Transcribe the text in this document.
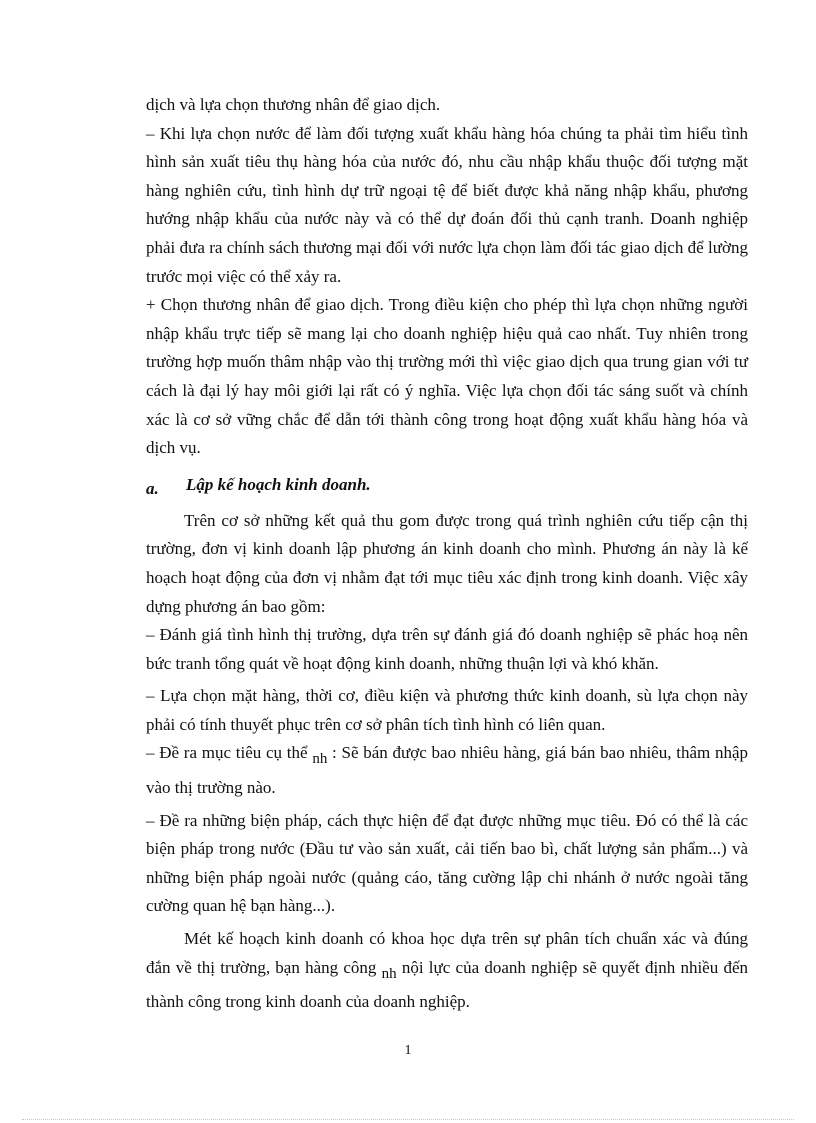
dịch và lựa chọn thương nhân để giao dịch.

– Khi lựa chọn nước để làm đối tượng xuất khẩu hàng hóa chúng ta phải tìm hiểu tình hình sản xuất tiêu thụ hàng hóa của nước đó, nhu cầu nhập khẩu thuộc đối tượng mặt hàng nghiên cứu, tình hình dự trữ ngoại tệ để biết được khả năng nhập khẩu, phương hướng nhập khẩu của nước này và có thể dự đoán đối thủ cạnh tranh. Doanh nghiệp phải đưa ra chính sách thương mại đối với nước lựa chọn làm đối tác giao dịch để lường trước mọi việc có thể xảy ra.

+ Chọn thương nhân để giao dịch. Trong điều kiện cho phép thì lựa chọn những người nhập khẩu trực tiếp sẽ mang lại cho doanh nghiệp hiệu quả cao nhất. Tuy nhiên trong trường hợp muốn thâm nhập vào thị trường mới thì việc giao dịch qua trung gian với tư cách là đại lý hay môi giới lại rất có ý nghĩa. Việc lựa chọn đối tác sáng suốt và chính xác là cơ sở vững chắc để dẫn tới thành công trong hoạt động xuất khẩu hàng hóa và dịch vụ.

a. Lập kế hoạch kinh doanh.

Trên cơ sở những kết quả thu gom được trong quá trình nghiên cứu tiếp cận thị trường, đơn vị kinh doanh lập phương án kinh doanh cho mình. Phương án này là kế hoạch hoạt động của đơn vị nhằm đạt tới mục tiêu xác định trong kinh doanh. Việc xây dựng phương án bao gồm:

– Đánh giá tình hình thị trường, dựa trên sự đánh giá đó doanh nghiệp sẽ phác hoạ nên bức tranh tổng quát về hoạt động kinh doanh, những thuận lợi và khó khăn.

– Lựa chọn mặt hàng, thời cơ, điều kiện và phương thức kinh doanh, sù lựa chọn này phải có tính thuyết phục trên cơ sở phân tích tình hình có liên quan.

– Đề ra mục tiêu cụ thể nh : Sẽ bán được bao nhiêu hàng, giá bán bao nhiêu, thâm nhập vào thị trường nào.

– Đề ra những biện pháp, cách thực hiện để đạt được những mục tiêu. Đó có thể là các biện pháp trong nước (Đầu tư vào sản xuất, cải tiến bao bì, chất lượng sản phẩm...) và những biện pháp ngoài nước (quảng cáo, tăng cường lập chi nhánh ở nước ngoài tăng cường quan hệ bạn hàng...).

Mét kế hoạch kinh doanh có khoa học dựa trên sự phân tích chuẩn xác và đúng đắn về thị trường, bạn hàng công nh nội lực của doanh nghiệp sẽ quyết định nhiều đến thành công trong kinh doanh của doanh nghiệp.

1
